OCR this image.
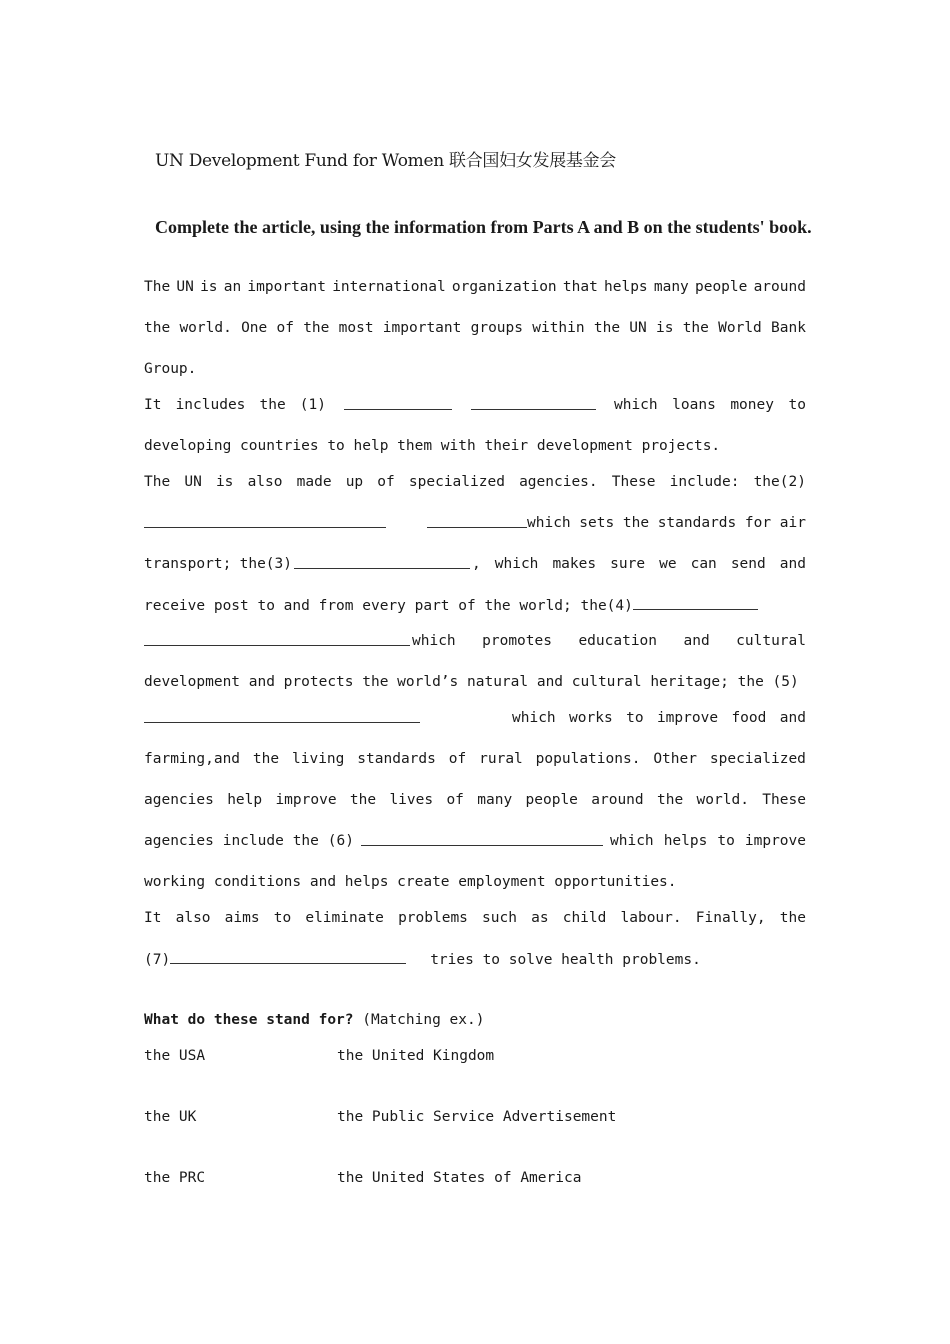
UN Development Fund for Women 联合国妇女发展基金会
Complete the article, using the information from Parts A and B on the students' book.
The UN is an important international organization that helps many people around
the world. One of the most important groups within the UN is the World Bank
Group.
It includes the (1)	which loans money to
developing countries to help them with their development projects.
The UN is also made up of specialized agencies. These include: the(2)
which sets the standards for air
transport; the(3)	, which makes sure we can send and
receive post to and from every part of the world; the(4)
which promotes education and cultural
development and protects the world’s natural and cultural heritage; the (5)
which works to improve food and
farming,and the living standards of rural populations. Other specialized
agencies help improve the lives of many people around the world. These
agencies include the (6)	which helps to improve
working conditions and helps create employment opportunities.
It also aims to eliminate problems such as child labour. Finally, the
(7)	tries to solve health problems.
What do these stand for? (Matching ex.)
the USA	the United Kingdom
the UK	the Public Service Advertisement
the PRC	the United States of America
